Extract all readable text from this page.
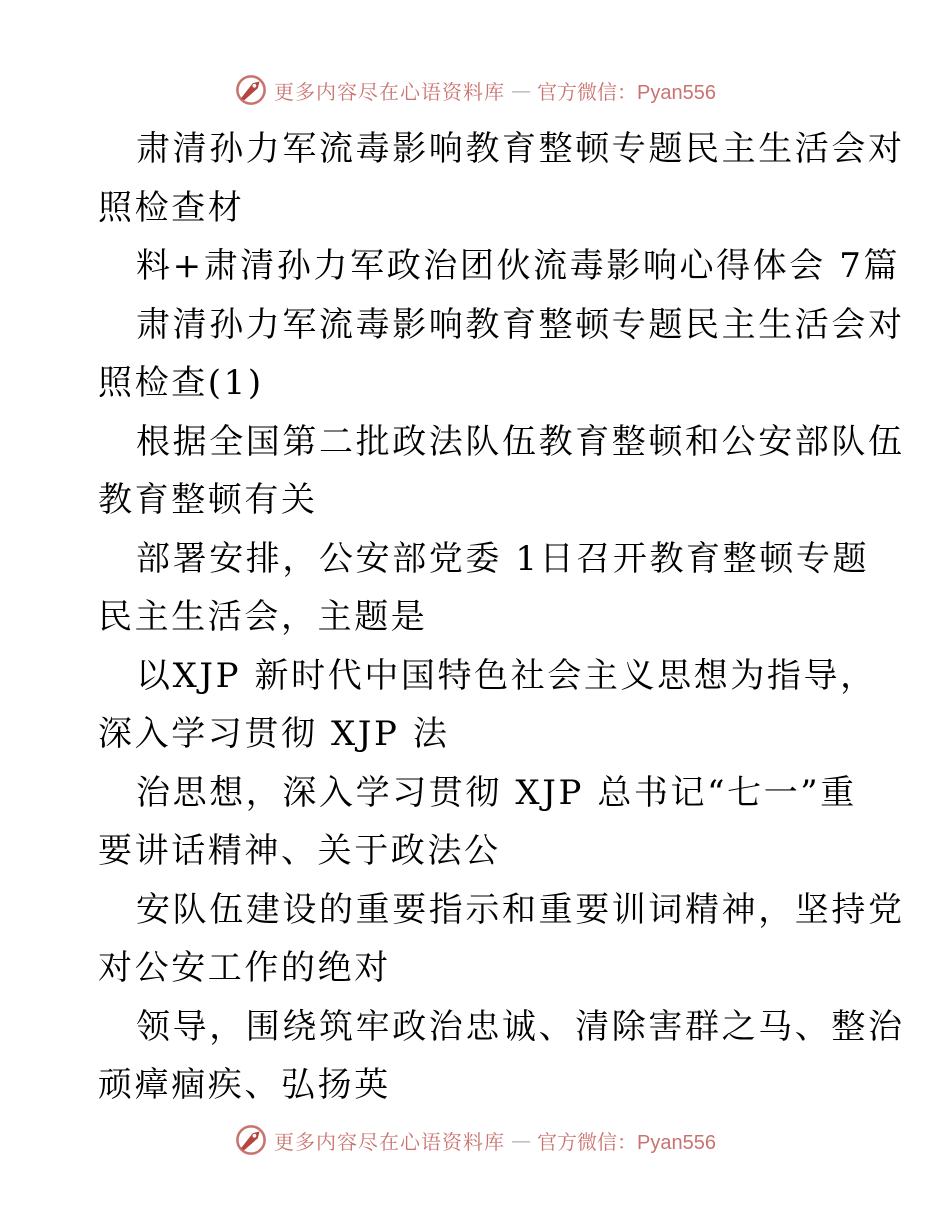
更多内容尽在心语资料库 — 官方微信：Pyan556
肃清孙力军流毒影响教育整顿专题民主生活会对
照检查材
料+肃清孙力军政治团伙流毒影响心得体会 7篇
肃清孙力军流毒影响教育整顿专题民主生活会对
照检查(1)
根据全国第二批政法队伍教育整顿和公安部队伍
教育整顿有关
部署安排，公安部党委 1日召开教育整顿专题
民主生活会，主题是
以XJP 新时代中国特色社会主义思想为指导，
深入学习贯彻 XJP 法
治思想，深入学习贯彻 XJP 总书记“七一”重
要讲话精神、关于政法公
安队伍建设的重要指示和重要训词精神，坚持党
对公安工作的绝对
领导，围绕筑牢政治忠诚、清除害群之马、整治
顽瘴痼疾、弘扬英
更多内容尽在心语资料库 — 官方微信：Pyan556
